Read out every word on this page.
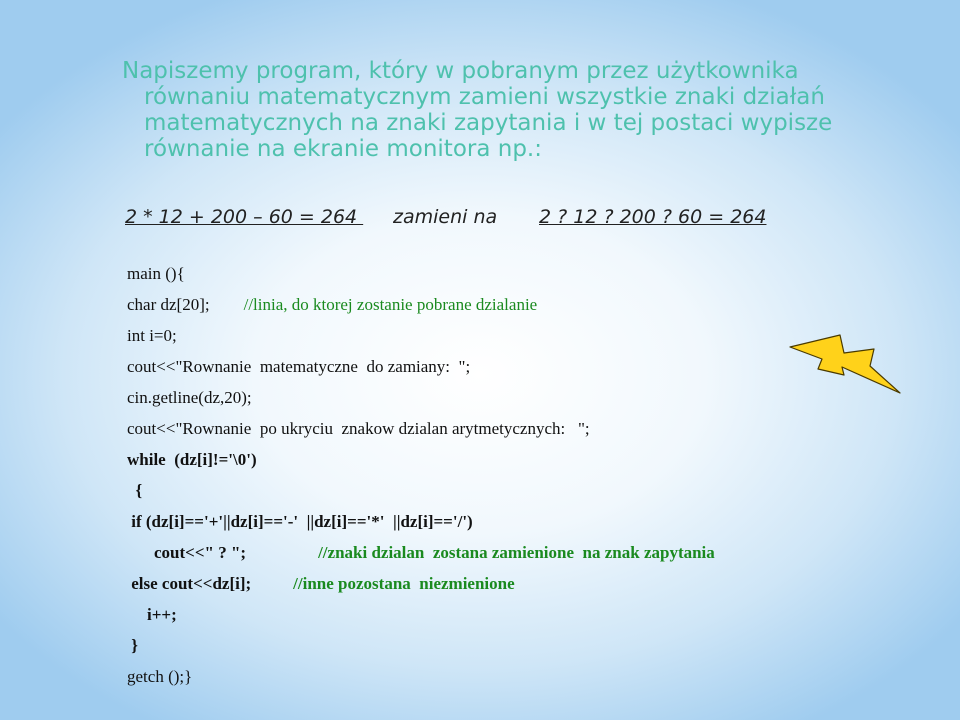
Napiszemy program, który w pobranym przez użytkownika równaniu matematycznym zamieni wszystkie znaki działań matematycznych na znaki zapytania i w tej postaci wypisze równanie na ekranie monitora np.:

2 * 12 + 200 – 60 = 264 zamieni na 2 ? 12 ? 200 ? 60 = 264
main (){
char dz[20]; //linia, do ktorej zostanie pobrane dzialanie
int i=0;
cout<<"Rownanie  matematyczne  do zamiany:  ";
cin.getline(dz,20);
cout<<"Rownanie  po ukryciu  znakow dzialan arytmetycznych:   ";
while  (dz[i]!='\0')
{
if (dz[i]=='+'||dz[i]=='-'  ||dz[i]=='*'  ||dz[i]=='/')
cout<<" ? ";	//znaki dzialan  zostana zamienione  na znak zapytania
else cout<<dz[i]; //inne pozostana  niezmienione
i++;
}
getch ();}
